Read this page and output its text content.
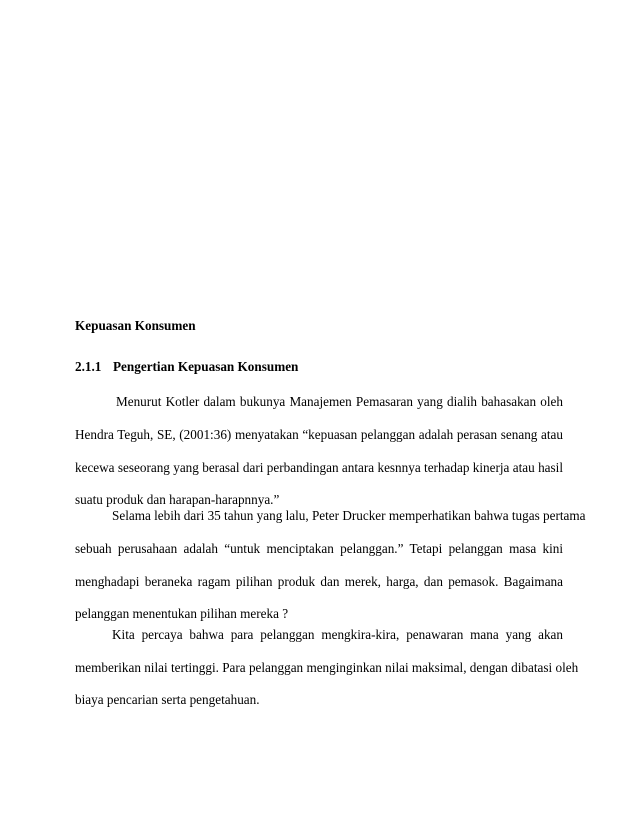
Kepuasan Konsumen
2.1.1 Pengertian Kepuasan Konsumen
Menurut Kotler dalam bukunya Manajemen Pemasaran yang dialih bahasakan oleh
Hendra Teguh, SE, (2001:36) menyatakan “kepuasan pelanggan adalah perasan senang atau
kecewa seseorang yang berasal dari perbandingan antara kesnnya terhadap kinerja atau hasil
suatu produk dan harapan-harapnnya.”
Selama lebih dari 35 tahun yang lalu, Peter Drucker memperhatikan bahwa tugas pertama
sebuah perusahaan adalah “untuk menciptakan pelanggan.” Tetapi pelanggan masa kini
menghadapi beraneka ragam pilihan produk dan merek, harga, dan pemasok. Bagaimana
pelanggan menentukan pilihan mereka ?
Kita percaya bahwa para pelanggan mengkira-kira, penawaran mana yang akan
memberikan nilai tertinggi. Para pelanggan menginginkan nilai maksimal, dengan dibatasi oleh
biaya pencarian serta pengetahuan.
